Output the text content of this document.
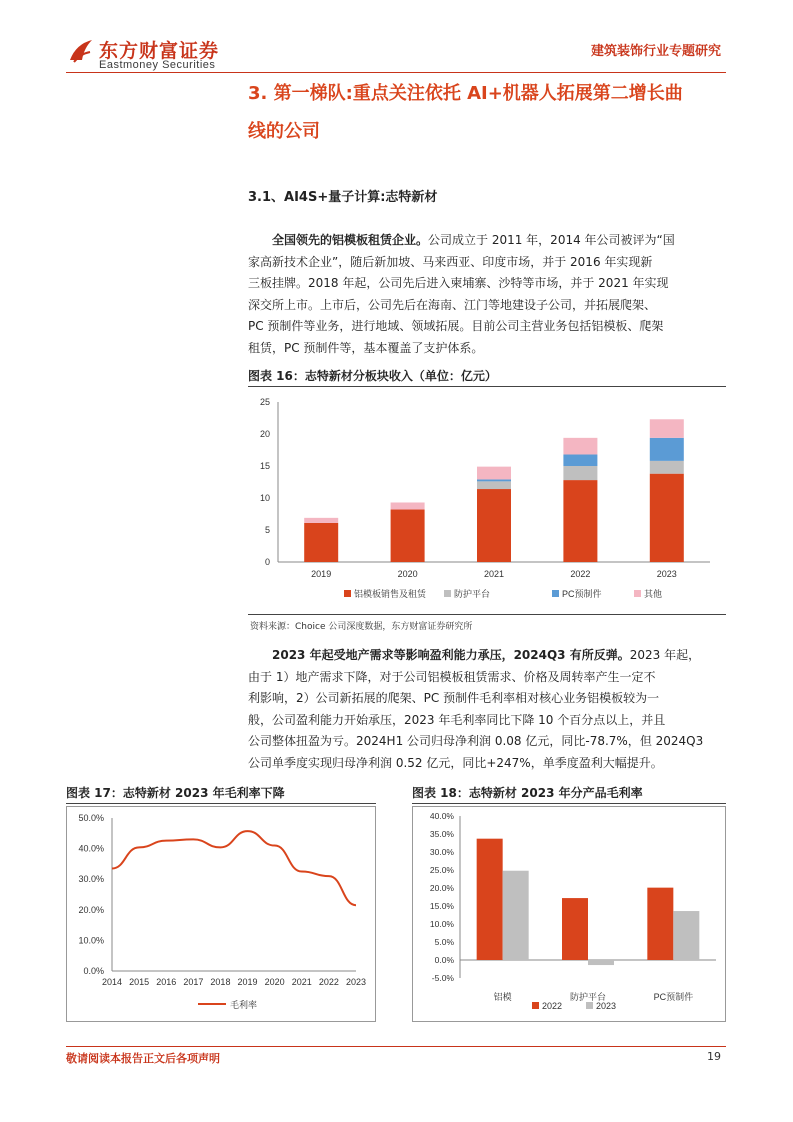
东方财富证券
Eastmoney Securities
建筑装饰行业专题研究
3. 第一梯队:重点关注依托 AI+机器人拓展第二增长曲
线的公司
3.1、AI4S+量子计算:志特新材
全国领先的铝模板租赁企业。公司成立于 2011 年，2014 年公司被评为“国
家高新技术企业”，随后新加坡、马来西亚、印度市场，并于 2016 年实现新
三板挂牌。2018 年起，公司先后进入柬埔寨、沙特等市场，并于 2021 年实现
深交所上市。上市后，公司先后在海南、江门等地建设子公司，并拓展爬架、
PC 预制件等业务，进行地域、领域拓展。目前公司主营业务包括铝模板、爬架
租赁，PC 预制件等，基本覆盖了支护体系。
图表 16：志特新材分板块收入（单位：亿元）
0
5
10
15
20
25
2019	2020	2021	2022	2023
铝模板销售及租赁	防护平台	PC预制件	其他
资料来源：Choice 公司深度数据，东方财富证券研究所
2023 年起受地产需求等影响盈利能力承压，2024Q3 有所反弹。2023 年起，
由于 1）地产需求下降，对于公司铝模板租赁需求、价格及周转率产生一定不
利影响，2）公司新拓展的爬架、PC 预制件毛利率相对核心业务铝模板较为一
般，公司盈利能力开始承压，2023 年毛利率同比下降 10 个百分点以上，并且
公司整体扭盈为亏。2024H1 公司归母净利润 0.08 亿元，同比-78.7%，但 2024Q3
公司单季度实现归母净利润 0.52 亿元，同比+247%，单季度盈利大幅提升。
图表 17：志特新材 2023 年毛利率下降
0.0%
10.0%
20.0%
30.0%
40.0%
50.0%
2014 2015 2016 2017 2018 2019 2020 2021 2022 2023
毛利率
图表 18：志特新材 2023 年分产品毛利率
-5.0%
0.0%
5.0%
10.0%
15.0%
20.0%
25.0%
30.0%
35.0%
40.0%
铝模	防护平台	PC预制件
2022	2023
敬请阅读本报告正文后各项声明	19
